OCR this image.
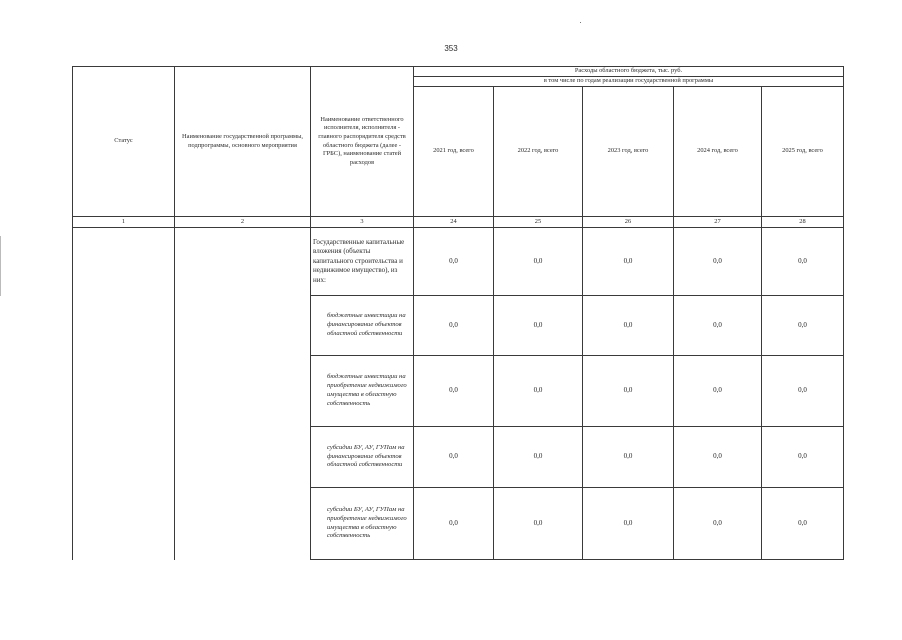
353
Статус	Наименование государственной программы, подпрограммы, основного мероприятия	Наименование ответственного исполнителя, исполнителя - главного распорядителя средств областного бюджета (далее - ГРБС), наименование статей расходов	Расходы областного бюджета, тыс. руб.				
			в том числе по годам реализации государственной программы				
			2021 год, всего	2022 год, всего	2023 год, всего	2024 год, всего	2025 год, всего
1	2	3	24	25	26	27	28
		Государственные капитальные вложения (объекты капитального строительства и недвижимое имущество), из них:	0,0	0,0	0,0	0,0	0,0
		бюджетные инвестиции на финансирование объектов областной собственности	0,0	0,0	0,0	0,0	0,0
		бюджетные инвестиции на приобретение недвижимого имущества в областную собственность	0,0	0,0	0,0	0,0	0,0
		субсидии БУ, АУ, ГУПам на финансирование объектов областной собственности	0,0	0,0	0,0	0,0	0,0
		субсидии БУ, АУ, ГУПам на приобретение недвижимого имущества в областную собственность	0,0	0,0	0,0	0,0	0,0
